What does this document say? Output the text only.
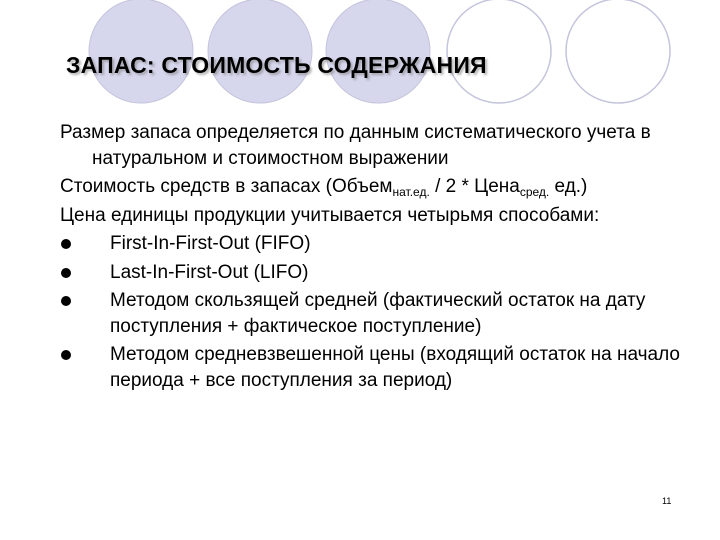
ЗАПАС: СТОИМОСТЬ СОДЕРЖАНИЯ

Размер запаса определяется по данным систематического учета в натуральном и стоимостном выражении

Стоимость средств в запасах (Объем$_{нат.ед.}$ / 2 * Цена$_{сред.}$ ед.)

Цена единицы продукции учитывается четырьмя способами:

First-In-First-Out (FIFO)
Last-In-First-Out (LIFO)
Методом скользящей средней (фактический остаток на дату поступления + фактическое поступление)
Методом средневзвешенной цены (входящий остаток на начало периода + все поступления за период)
11
